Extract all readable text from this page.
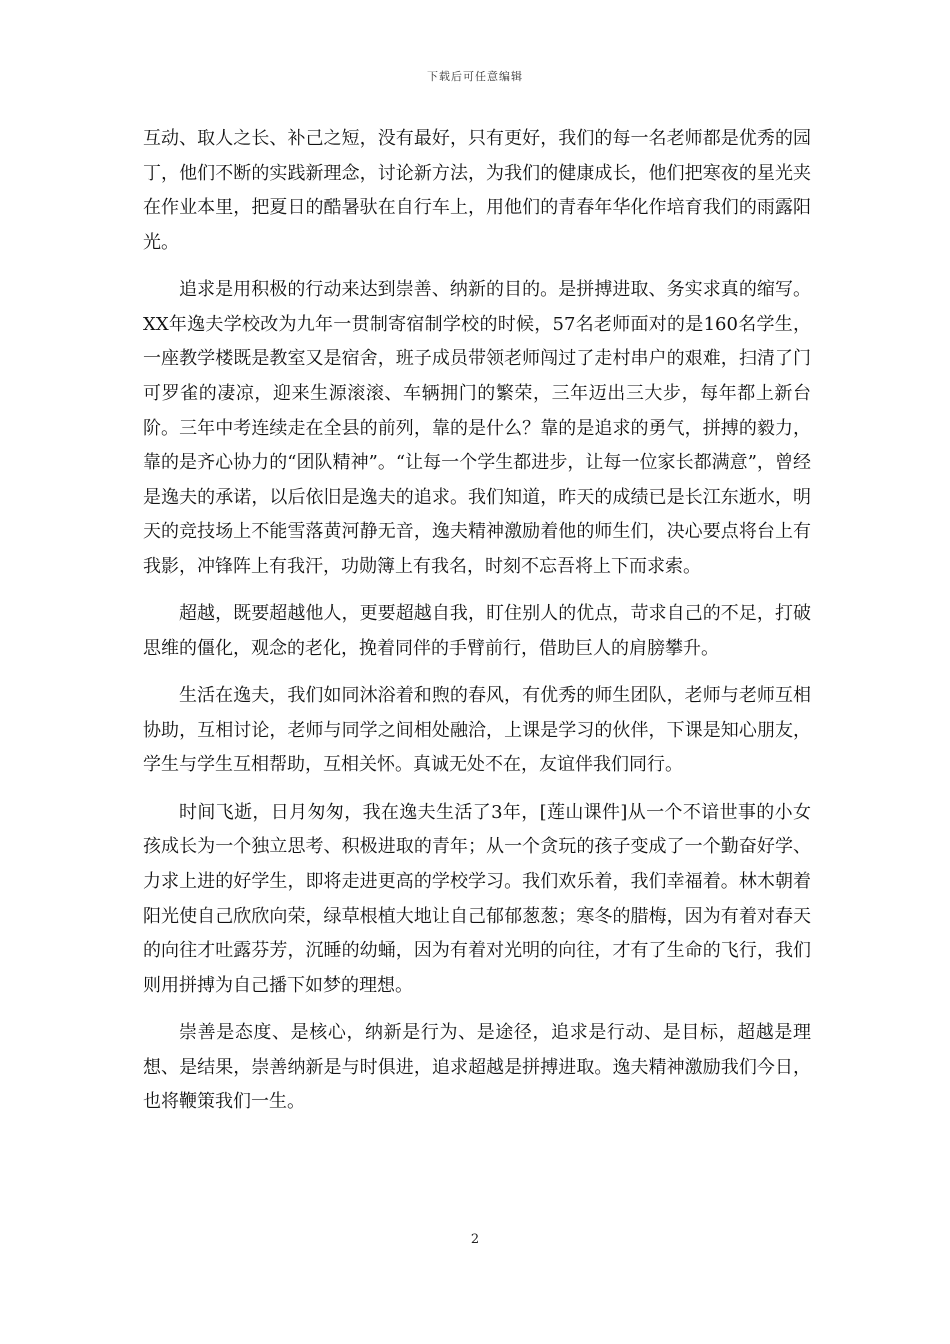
下载后可任意编辑

互动、取人之长、补己之短，没有最好，只有更好，我们的每一名老师都是优秀的园丁，他们不断的实践新理念，讨论新方法，为我们的健康成长，他们把寒夜的星光夹在作业本里，把夏日的酷暑驮在自行车上，用他们的青春年华化作培育我们的雨露阳光。

追求是用积极的行动来达到崇善、纳新的目的。是拼搏进取、务实求真的缩写。XX年逸夫学校改为九年一贯制寄宿制学校的时候，57名老师面对的是160名学生，一座教学楼既是教室又是宿舍，班子成员带领老师闯过了走村串户的艰难，扫清了门可罗雀的凄凉，迎来生源滚滚、车辆拥门的繁荣，三年迈出三大步，每年都上新台阶。三年中考连续走在全县的前列，靠的是什么？靠的是追求的勇气，拼搏的毅力，靠的是齐心协力的“团队精神”。“让每一个学生都进步，让每一位家长都满意”，曾经是逸夫的承诺，以后依旧是逸夫的追求。我们知道，昨天的成绩已是长江东逝水，明天的竞技场上不能雪落黄河静无音，逸夫精神激励着他的师生们，决心要点将台上有我影，冲锋阵上有我汗，功勋簿上有我名，时刻不忘吾将上下而求索。

超越，既要超越他人，更要超越自我，盯住别人的优点，苛求自己的不足，打破思维的僵化，观念的老化，挽着同伴的手臂前行，借助巨人的肩膀攀升。

生活在逸夫，我们如同沐浴着和煦的春风，有优秀的师生团队，老师与老师互相协助，互相讨论，老师与同学之间相处融洽，上课是学习的伙伴，下课是知心朋友，学生与学生互相帮助，互相关怀。真诚无处不在，友谊伴我们同行。

时间飞逝，日月匆匆，我在逸夫生活了3年，[莲山课件]从一个不谙世事的小女孩成长为一个独立思考、积极进取的青年；从一个贪玩的孩子变成了一个勤奋好学、力求上进的好学生，即将走进更高的学校学习。我们欢乐着，我们幸福着。林木朝着阳光使自己欣欣向荣，绿草根植大地让自己郁郁葱葱；寒冬的腊梅，因为有着对春天的向往才吐露芬芳，沉睡的幼蛹，因为有着对光明的向往，才有了生命的飞行，我们则用拼搏为自己播下如梦的理想。

崇善是态度、是核心，纳新是行为、是途径，追求是行动、是目标，超越是理想、是结果，崇善纳新是与时俱进，追求超越是拼搏进取。逸夫精神激励我们今日，也将鞭策我们一生。

2
